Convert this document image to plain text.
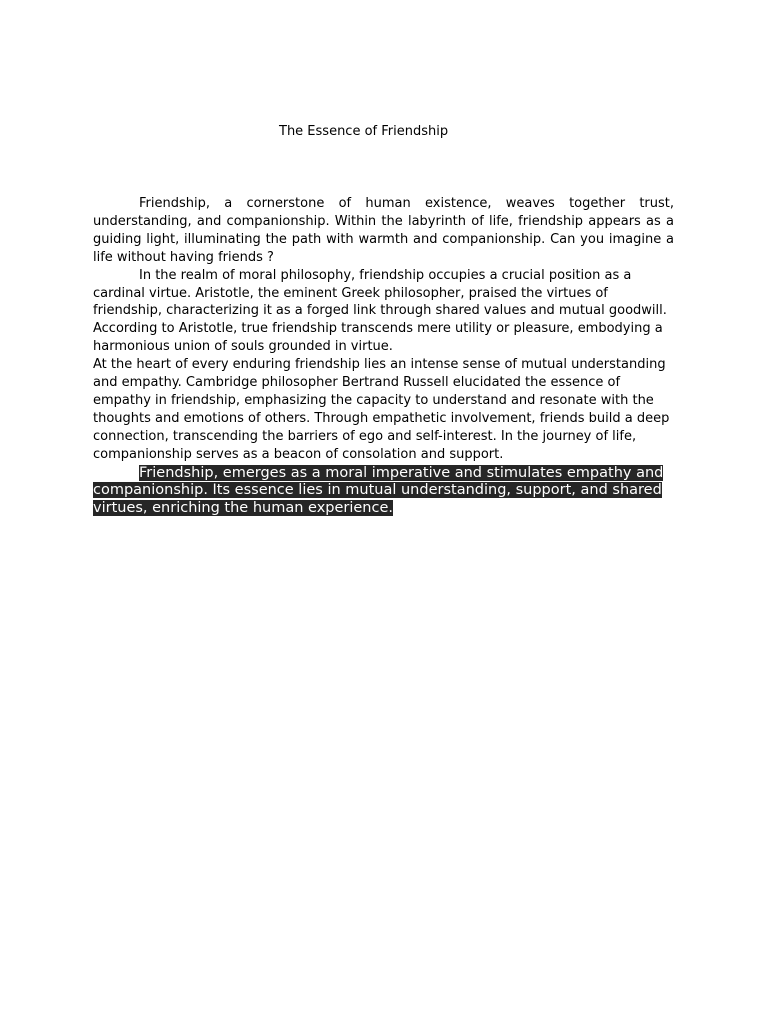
The Essence of Friendship

Friendship, a cornerstone of human existence, weaves together trust, understanding, and companionship. Within the labyrinth of life, friendship appears as a guiding light, illuminating the path with warmth and companionship. Can you imagine a life without having friends ?

In the realm of moral philosophy, friendship occupies a crucial position as a cardinal virtue. Aristotle, the eminent Greek philosopher, praised the virtues of friendship, characterizing it as a forged link through shared values and mutual goodwill. According to Aristotle, true friendship transcends mere utility or pleasure, embodying a harmonious union of souls grounded in virtue.

At the heart of every enduring friendship lies an intense sense of mutual understanding and empathy. Cambridge philosopher Bertrand Russell elucidated the essence of empathy in friendship, emphasizing the capacity to understand and resonate with the thoughts and emotions of others. Through empathetic involvement, friends build a deep connection, transcending the barriers of ego and self-interest. In the journey of life, companionship serves as a beacon of consolation and support.

Friendship, emerges as a moral imperative and stimulates empathy and companionship. Its essence lies in mutual understanding, support, and shared virtues, enriching the human experience.
